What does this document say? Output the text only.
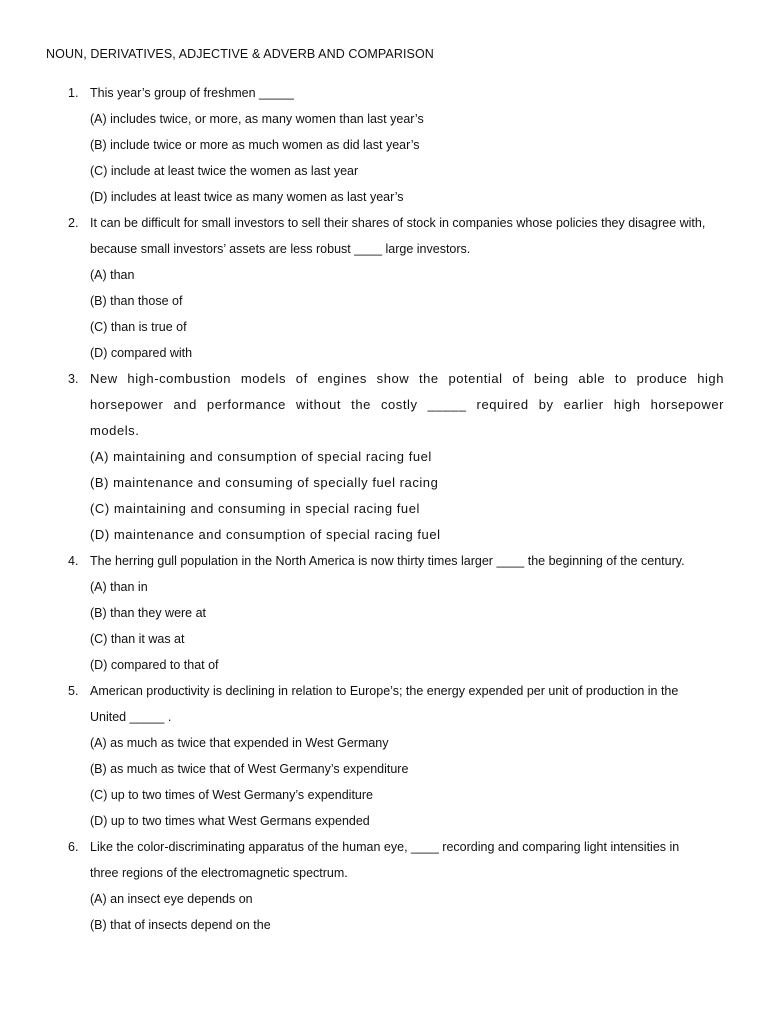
NOUN, DERIVATIVES, ADJECTIVE & ADVERB AND COMPARISON
1. This year’s group of freshmen _____
(A) includes twice, or more, as many women than last year’s
(B) include twice or more as much women as did last year’s
(C) include at least twice the women as last year
(D) includes at least twice as many women as last year’s
2. It can be difficult for small investors to sell their shares of stock in companies whose policies they disagree with,
because small investors’ assets are less robust ____ large investors.
(A) than
(B) than those of
(C) than is true of
(D) compared with
3. New high-combustion models of engines show the potential of being able to produce high
horsepower and performance without the costly _____ required by earlier high horsepower
models.
(A) maintaining and consumption of special racing fuel
(B) maintenance and consuming of specially fuel racing
(C) maintaining and consuming in special racing fuel
(D) maintenance and consumption of special racing fuel
4. The herring gull population in the North America is now thirty times larger ____ the beginning of the century.
(A) than in
(B) than they were at
(C) than it was at
(D) compared to that of
5. American productivity is declining in relation to Europe’s; the energy expended per unit of production in the
United _____ .
(A) as much as twice that expended in West Germany
(B) as much as twice that of West Germany’s expenditure
(C) up to two times of West Germany’s expenditure
(D) up to two times what West Germans expended
6. Like the color-discriminating apparatus of the human eye, ____ recording and comparing light intensities in
three regions of the electromagnetic spectrum.
(A) an insect eye depends on
(B) that of insects depend on the
